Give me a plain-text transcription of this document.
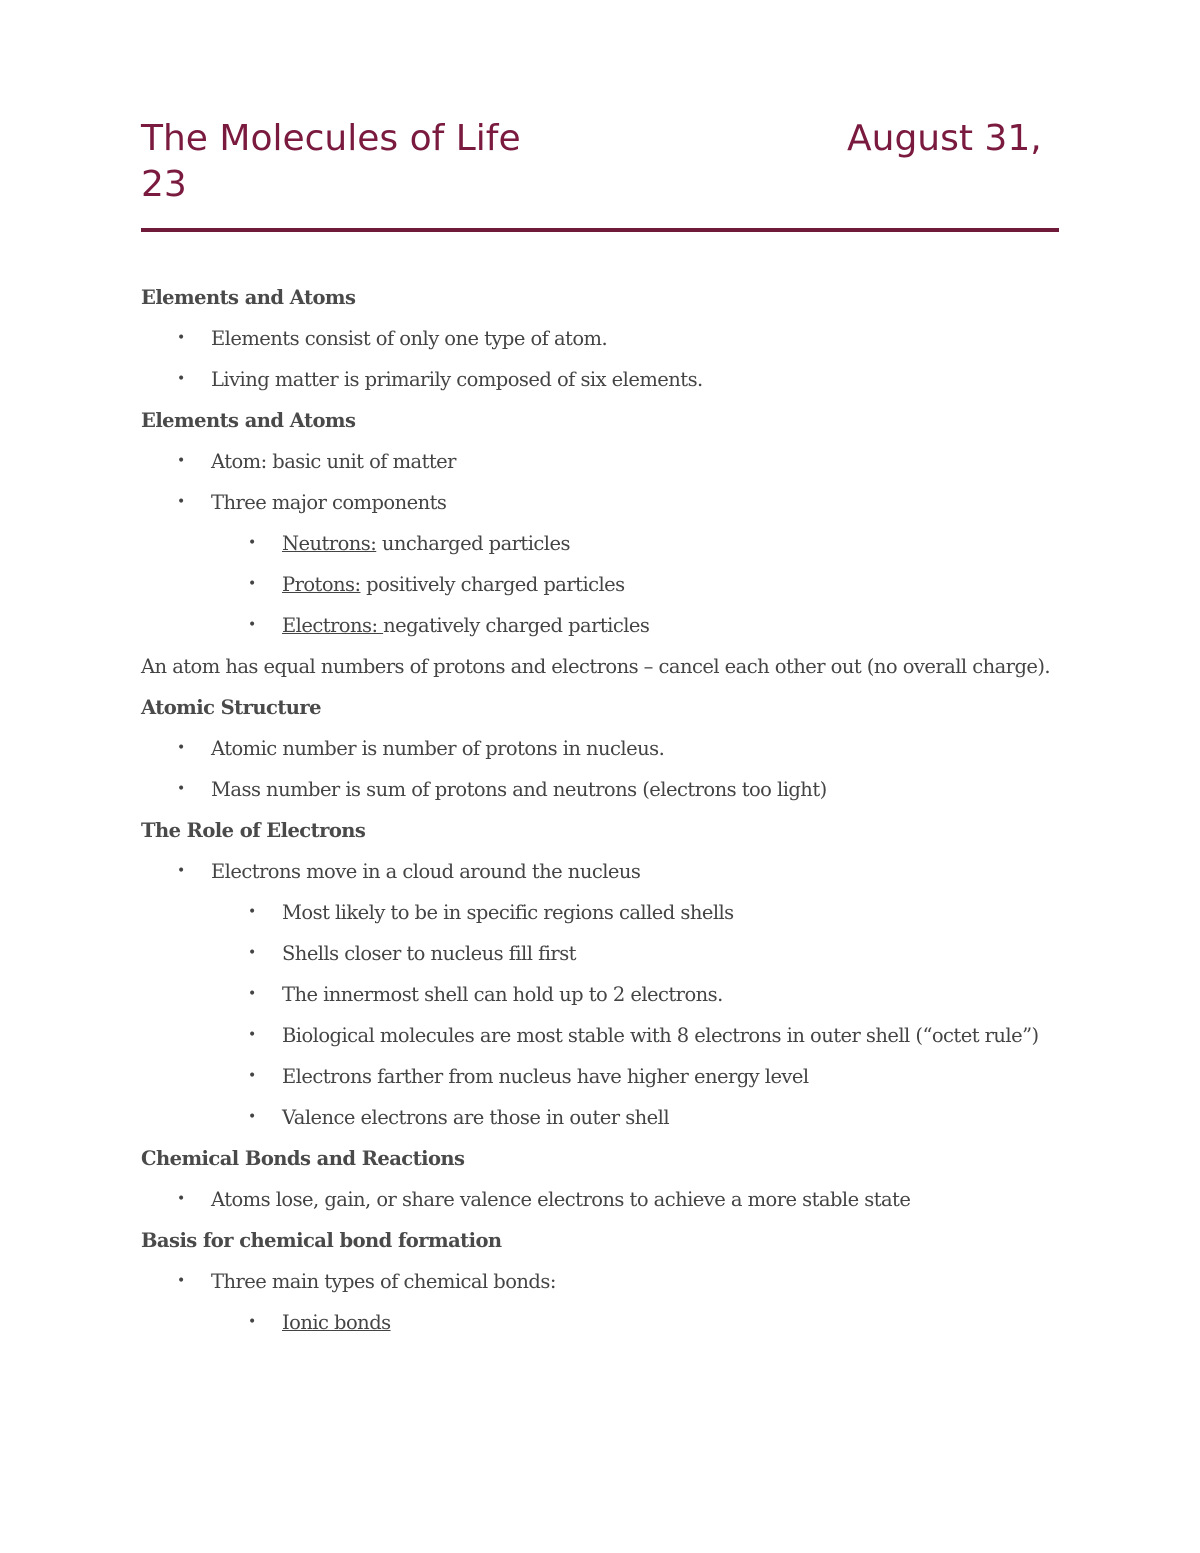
The Molecules of Life	August 31,
23
Elements and Atoms
• Elements consist of only one type of atom.
• Living matter is primarily composed of six elements.
Elements and Atoms
• Atom: basic unit of matter
• Three major components
• Neutrons: uncharged particles
• Protons: positively charged particles
• Electrons: negatively charged particles
An atom has equal numbers of protons and electrons – cancel each other out (no overall charge).
Atomic Structure
• Atomic number is number of protons in nucleus.
• Mass number is sum of protons and neutrons (electrons too light)
The Role of Electrons
• Electrons move in a cloud around the nucleus
• Most likely to be in specific regions called shells
• Shells closer to nucleus fill first
• The innermost shell can hold up to 2 electrons.
• Biological molecules are most stable with 8 electrons in outer shell (“octet rule”)
• Electrons farther from nucleus have higher energy level
• Valence electrons are those in outer shell
Chemical Bonds and Reactions
• Atoms lose, gain, or share valence electrons to achieve a more stable state
Basis for chemical bond formation
• Three main types of chemical bonds:
• Ionic bonds
